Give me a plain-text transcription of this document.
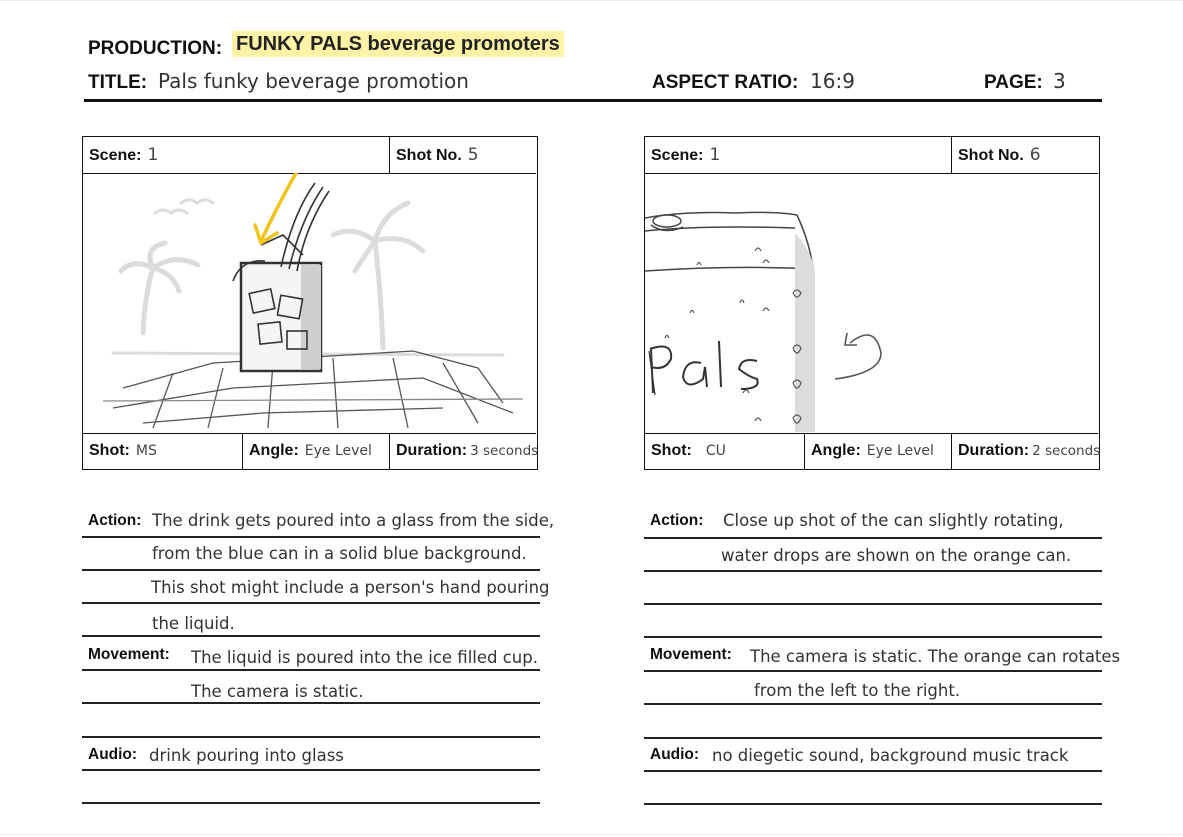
PRODUCTION: FUNKY PALS beverage promoters
TITLE: Pals funky beverage promotion	ASPECT RATIO: 16:9	PAGE: 3
Scene: 1	Shot No. 5
Shot: MS	Angle: Eye Level	Duration: 3 seconds
Scene: 1	Shot No. 6
Shot: CU	Angle: Eye Level	Duration: 2 seconds
Action: The drink gets poured into a glass from the side,
from the blue can in a solid blue background.
This shot might include a person's hand pouring
the liquid.
Movement: The liquid is poured into the ice filled cup.
The camera is static.
Audio: drink pouring into glass
Action: Close up shot of the can slightly rotating,
water drops are shown on the orange can.
Movement: The camera is static. The orange can rotates
from the left to the right.
Audio: no diegetic sound, background music track
